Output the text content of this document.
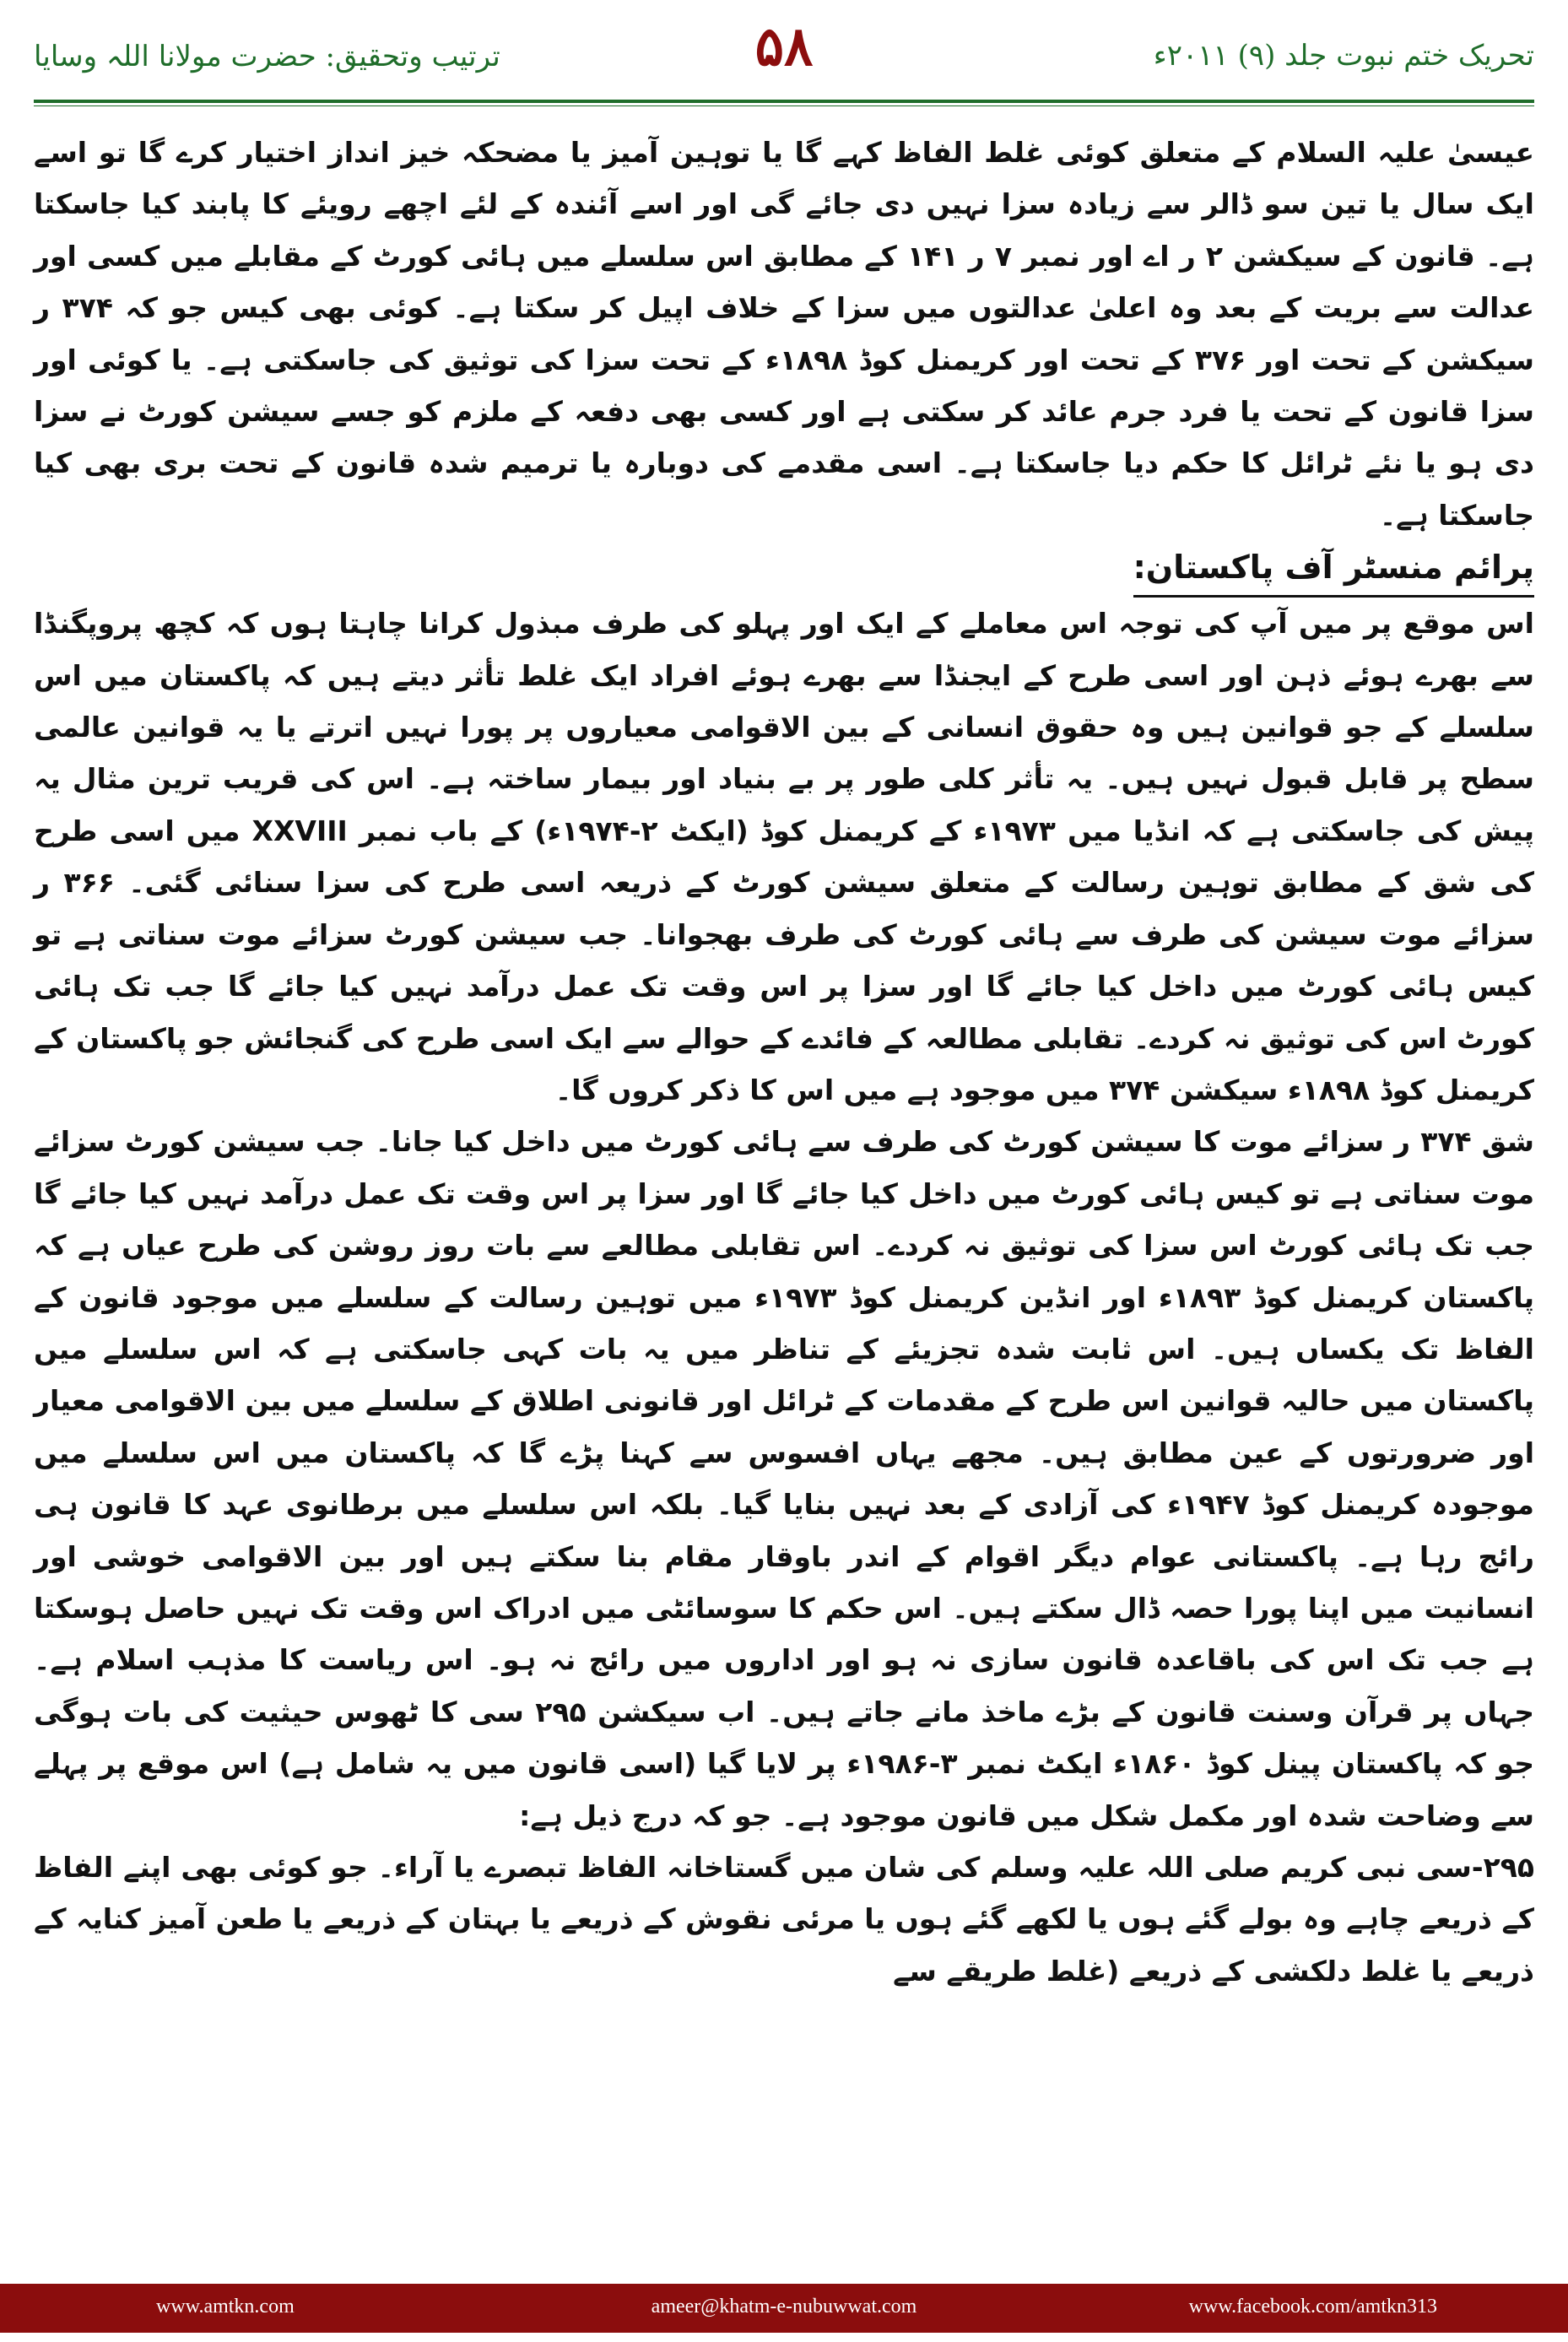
ترتیب وتحقیق: حضرت مولانا اللہ وسایا	۵۸	تحریک ختم نبوت جلد (۹) ۲۰۱۱ء

عیسیٰ علیہ السلام کے متعلق کوئی غلط الفاظ کہے گا یا توہین آمیز یا مضحکہ خیز انداز اختیار کرے گا تو اسے ایک سال یا تین سو ڈالر سے زیادہ سزا نہیں دی جائے گی اور اسے آئندہ کے لئے اچھے رویئے کا پابند کیا جاسکتا ہے۔ قانون کے سیکشن ۲ ر اے اور نمبر ۷ ر ۱۴۱ کے مطابق اس سلسلے میں ہائی کورٹ کے مقابلے میں کسی اور عدالت سے بریت کے بعد وہ اعلیٰ عدالتوں میں سزا کے خلاف اپیل کر سکتا ہے۔ کوئی بھی کیس جو کہ ۳۷۴ ر سیکشن کے تحت اور ۳۷۶ کے تحت اور کریمنل کوڈ ۱۸۹۸ء کے تحت سزا کی توثیق کی جاسکتی ہے۔ یا کوئی اور سزا قانون کے تحت یا فرد جرم عائد کر سکتی ہے اور کسی بھی دفعہ کے ملزم کو جسے سیشن کورٹ نے سزا دی ہو یا نئے ٹرائل کا حکم دیا جاسکتا ہے۔ اسی مقدمے کی دوبارہ یا ترمیم شدہ قانون کے تحت بری بھی کیا جاسکتا ہے۔

پرائم منسٹر آف پاکستان:

اس موقع پر میں آپ کی توجہ اس معاملے کے ایک اور پہلو کی طرف مبذول کرانا چاہتا ہوں کہ کچھ پروپگنڈا سے بھرے ہوئے ذہن اور اسی طرح کے ایجنڈا سے بھرے ہوئے افراد ایک غلط تأثر دیتے ہیں کہ پاکستان میں اس سلسلے کے جو قوانین ہیں وہ حقوق انسانی کے بین الاقوامی معیاروں پر پورا نہیں اترتے یا یہ قوانین عالمی سطح پر قابل قبول نہیں ہیں۔ یہ تأثر کلی طور پر بے بنیاد اور بیمار ساختہ ہے۔ اس کی قریب ترین مثال یہ پیش کی جاسکتی ہے کہ انڈیا میں ۱۹۷۳ء کے کریمنل کوڈ (ایکٹ ۲-۱۹۷۴ء) کے باب نمبر XXVIII میں اسی طرح کی شق کے مطابق توہین رسالت کے متعلق سیشن کورٹ کے ذریعہ اسی طرح کی سزا سنائی گئی۔ ۳۶۶ ر سزائے موت سیشن کی طرف سے ہائی کورٹ کی طرف بھجوانا۔ جب سیشن کورٹ سزائے موت سناتی ہے تو کیس ہائی کورٹ میں داخل کیا جائے گا اور سزا پر اس وقت تک عمل درآمد نہیں کیا جائے گا جب تک ہائی کورٹ اس کی توثیق نہ کردے۔ تقابلی مطالعہ کے فائدے کے حوالے سے ایک اسی طرح کی گنجائش جو پاکستان کے کریمنل کوڈ ۱۸۹۸ء سیکشن ۳۷۴ میں موجود ہے میں اس کا ذکر کروں گا۔

شق ۳۷۴ ر سزائے موت کا سیشن کورٹ کی طرف سے ہائی کورٹ میں داخل کیا جانا۔ جب سیشن کورٹ سزائے موت سناتی ہے تو کیس ہائی کورٹ میں داخل کیا جائے گا اور سزا پر اس وقت تک عمل درآمد نہیں کیا جائے گا جب تک ہائی کورٹ اس سزا کی توثیق نہ کردے۔ اس تقابلی مطالعے سے بات روز روشن کی طرح عیاں ہے کہ پاکستان کریمنل کوڈ ۱۸۹۳ء اور انڈین کریمنل کوڈ ۱۹۷۳ء میں توہین رسالت کے سلسلے میں موجود قانون کے الفاظ تک یکساں ہیں۔ اس ثابت شدہ تجزیئے کے تناظر میں یہ بات کہی جاسکتی ہے کہ اس سلسلے میں پاکستان میں حالیہ قوانین اس طرح کے مقدمات کے ٹرائل اور قانونی اطلاق کے سلسلے میں بین الاقوامی معیار اور ضرورتوں کے عین مطابق ہیں۔ مجھے یہاں افسوس سے کہنا پڑے گا کہ پاکستان میں اس سلسلے میں موجودہ کریمنل کوڈ ۱۹۴۷ء کی آزادی کے بعد نہیں بنایا گیا۔ بلکہ اس سلسلے میں برطانوی عہد کا قانون ہی رائج رہا ہے۔ پاکستانی عوام دیگر اقوام کے اندر باوقار مقام بنا سکتے ہیں اور بین الاقوامی خوشی اور انسانیت میں اپنا پورا حصہ ڈال سکتے ہیں۔ اس حکم کا سوسائٹی میں ادراک اس وقت تک نہیں حاصل ہوسکتا ہے جب تک اس کی باقاعدہ قانون سازی نہ ہو اور اداروں میں رائج نہ ہو۔ اس ریاست کا مذہب اسلام ہے۔ جہاں پر قرآن وسنت قانون کے بڑے ماخذ مانے جاتے ہیں۔ اب سیکشن ۲۹۵ سی کا ٹھوس حیثیت کی بات ہوگی جو کہ پاکستان پینل کوڈ ۱۸۶۰ء ایکٹ نمبر ۳-۱۹۸۶ء پر لایا گیا (اسی قانون میں یہ شامل ہے) اس موقع پر پہلے سے وضاحت شدہ اور مکمل شکل میں قانون موجود ہے۔ جو کہ درج ذیل ہے:

۲۹۵-سی نبی کریم صلی اللہ علیہ وسلم کی شان میں گستاخانہ الفاظ تبصرے یا آراء۔ جو کوئی بھی اپنے الفاظ کے ذریعے چاہے وہ بولے گئے ہوں یا لکھے گئے ہوں یا مرئی نقوش کے ذریعے یا بہتان کے ذریعے یا طعن آمیز کنایہ کے ذریعے یا غلط دلکشی کے ذریعے (غلط طریقے سے

www.amtkn.com	ameer@khatm-e-nubuwwat.com	www.facebook.com/amtkn313
